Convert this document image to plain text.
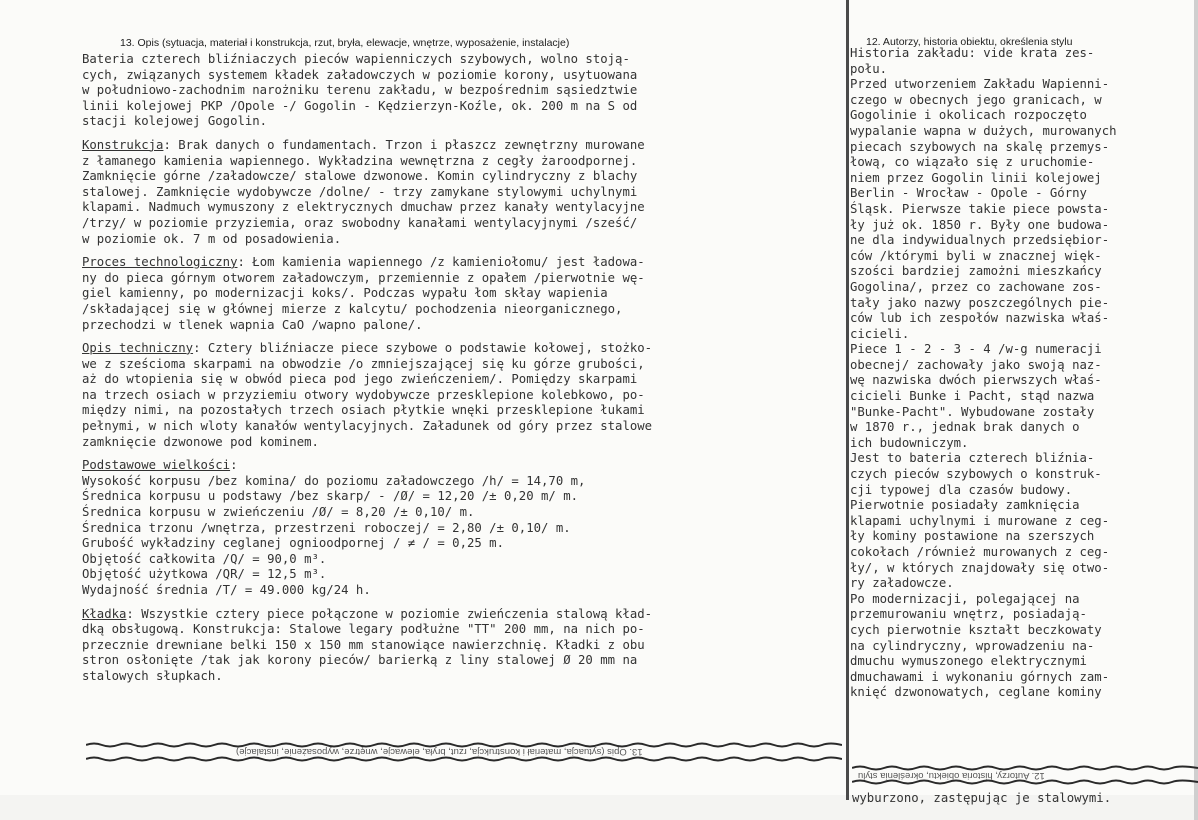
13. Opis (sytuacja, materiał i konstrukcja, rzut, bryła, elewacje, wnętrze, wyposażenie, instalacje)	12. Autorzy, historia obiektu, określenia stylu
Bateria czterech bliźniaczych pieców wapienniczych szybowych, wolno stoją-
cych, związanych systemem kładek załadowczych w poziomie korony, usytuowana
w południowo-zachodnim narożniku terenu zakładu, w bezpośrednim sąsiedztwie
linii kolejowej PKP /Opole -/ Gogolin - Kędzierzyn-Koźle, ok. 200 m na S od
stacji kolejowej Gogolin.
Konstrukcja: Brak danych o fundamentach. Trzon i płaszcz zewnętrzny murowane
z łamanego kamienia wapiennego. Wykładzina wewnętrzna z cegły żaroodpornej.
Zamknięcie górne /załadowcze/ stalowe dzwonowe. Komin cylindryczny z blachy
stalowej. Zamknięcie wydobywcze /dolne/ - trzy zamykane stylowymi uchylnymi
klapami. Nadmuch wymuszony z elektrycznych dmuchaw przez kanały wentylacyjne
/trzy/ w poziomie przyziemia, oraz swobodny kanałami wentylacyjnymi /sześć/
w poziomie ok. 7 m od posadowienia.
Proces technologiczny: Łom kamienia wapiennego /z kamieniołomu/ jest ładowa-
ny do pieca górnym otworem załadowczym, przemiennie z opałem /pierwotnie wę-
giel kamienny, po modernizacji koks/. Podczas wypału łom skłay wapienia
/składającej się w głównej mierze z kalcytu/ pochodzenia nieorganicznego,
przechodzi w tlenek wapnia CaO /wapno palone/.
Opis techniczny: Cztery bliźniacze piece szybowe o podstawie kołowej, stożko-
we z sześcioma skarpami na obwodzie /o zmniejszającej się ku górze grubości,
aż do wtopienia się w obwód pieca pod jego zwieńczeniem/. Pomiędzy skarpami
na trzech osiach w przyziemiu otwory wydobywcze przesklepione kolebkowo, po-
między nimi, na pozostałych trzech osiach płytkie wnęki przesklepione łukami
pełnymi, w nich wloty kanałów wentylacyjnych. Załadunek od góry przez stalowe
zamknięcie dzwonowe pod kominem.
Podstawowe wielkości:
Wysokość korpusu /bez komina/ do poziomu załadowczego /h/ = 14,70 m,
Średnica korpusu u podstawy /bez skarp/ - /Ø/ = 12,20 /± 0,20 m/ m.
Średnica korpusu w zwieńczeniu /Ø/ = 8,20 /± 0,10/ m.
Średnica trzonu /wnętrza, przestrzeni roboczej/ = 2,80 /± 0,10/ m.
Grubość wykładziny ceglanej ognioodpornej / ≠ / = 0,25 m.
Objętość całkowita /Q/ = 90,0 m³.
Objętość użytkowa /QR/ = 12,5 m³.
Wydajność średnia /T/ = 49.000 kg/24 h.
Kładka: Wszystkie cztery piece połączone w poziomie zwieńczenia stalową kład-
dką obsługową. Konstrukcja: Stalowe legary podłużne "TT" 200 mm, na nich po-
przecznie drewniane belki 150 x 150 mm stanowiące nawierzchnię. Kładki z obu
stron osłonięte /tak jak korony pieców/ barierką z liny stalowej Ø 20 mm na
stalowych słupkach.
Historia zakładu: vide krata zes-
połu.
Przed utworzeniem Zakładu Wapienni-
czego w obecnych jego granicach, w
Gogolinie i okolicach rozpoczęto
wypalanie wapna w dużych, murowanych
piecach szybowych na skalę przemys-
łową, co wiązało się z uruchomie-
niem przez Gogolin linii kolejowej
Berlin - Wrocław - Opole - Górny
Śląsk. Pierwsze takie piece powsta-
ły już ok. 1850 r. Były one budowa-
ne dla indywidualnych przedsiębior-
ców /którymi byli w znacznej więk-
szości bardziej zamożni mieszkańcy
Gogolina/, przez co zachowane zos-
tały jako nazwy poszczególnych pie-
ców lub ich zespołów nazwiska właś-
cicieli.
Piece 1 - 2 - 3 - 4 /w-g numeracji
obecnej/ zachowały jako swoją naz-
wę nazwiska dwóch pierwszych właś-
cicieli Bunke i Pacht, stąd nazwa
"Bunke-Pacht". Wybudowane zostały
w 1870 r., jednak brak danych o
ich budowniczym.
Jest to bateria czterech bliźnia-
czych pieców szybowych o konstruk-
cji typowej dla czasów budowy.
Pierwotnie posiadały zamknięcia
klapami uchylnymi i murowane z ceg-
ły kominy postawione na szerszych
cokołach /również murowanych z ceg-
ły/, w których znajdowały się otwo-
ry załadowcze.
Po modernizacji, polegającej na
przemurowaniu wnętrz, posiadają-
cych pierwotnie kształt beczkowaty
na cylindryczny, wprowadzeniu na-
dmuchu wymuszonego elektrycznymi
dmuchawami i wykonaniu górnych zam-
knięć dzwonowatych, ceglane kominy
13. Opis (sytuacja, materiał i konstrukcja, rzut, bryła, elewacje, wnętrze, wyposażenie, instalacje)
12. Autorzy, historia obiektu, określenia stylu
wyburzono, zastępując je stalowymi.
